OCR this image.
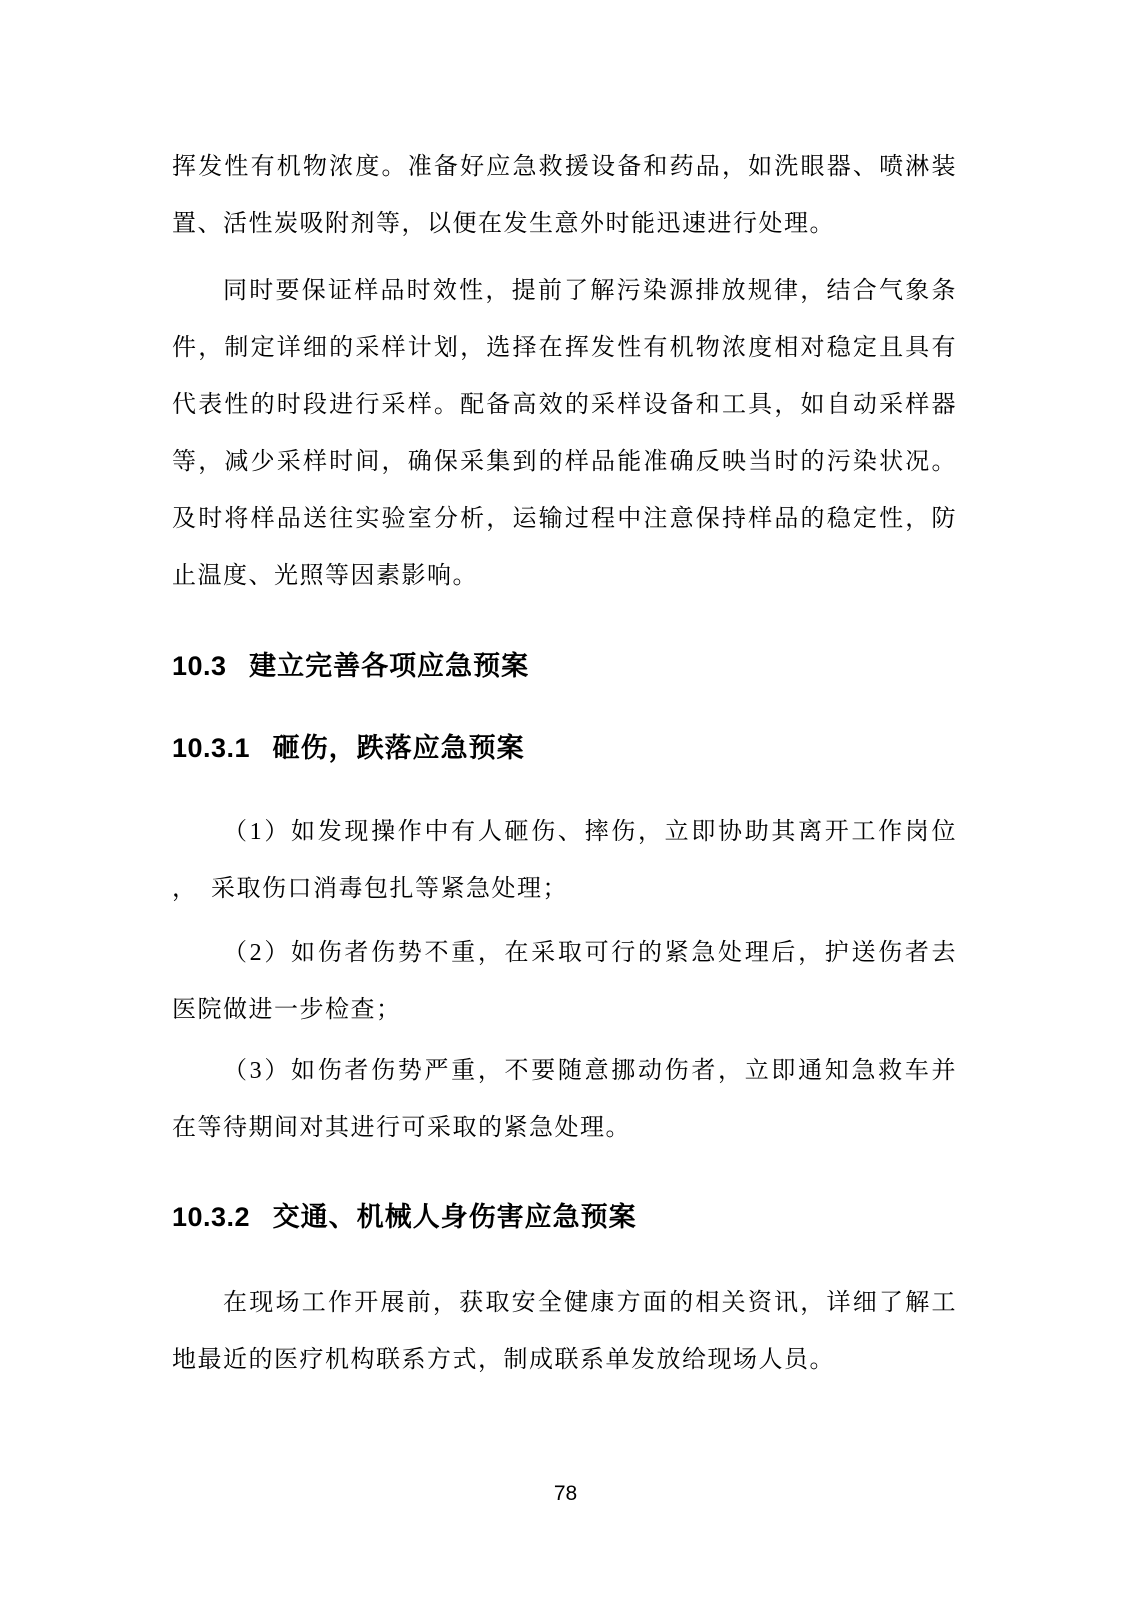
挥发性有机物浓度。准备好应急救援设备和药品，如洗眼器、喷淋装
置、活性炭吸附剂等，以便在发生意外时能迅速进行处理。
同时要保证样品时效性，提前了解污染源排放规律，结合气象条
件，制定详细的采样计划，选择在挥发性有机物浓度相对稳定且具有
代表性的时段进行采样。配备高效的采样设备和工具，如自动采样器
等，减少采样时间，确保采集到的样品能准确反映当时的污染状况。
及时将样品送往实验室分析，运输过程中注意保持样品的稳定性，防
止温度、光照等因素影响。
10.3 建立完善各项应急预案
10.3.1 砸伤，跌落应急预案
（1）如发现操作中有人砸伤、摔伤，立即协助其离开工作岗位
，　采取伤口消毒包扎等紧急处理；
（2）如伤者伤势不重，在采取可行的紧急处理后，护送伤者去
医院做进一步检查；
（3）如伤者伤势严重，不要随意挪动伤者，立即通知急救车并
在等待期间对其进行可采取的紧急处理。
10.3.2 交通、机械人身伤害应急预案
在现场工作开展前，获取安全健康方面的相关资讯，详细了解工
地最近的医疗机构联系方式，制成联系单发放给现场人员。
78
